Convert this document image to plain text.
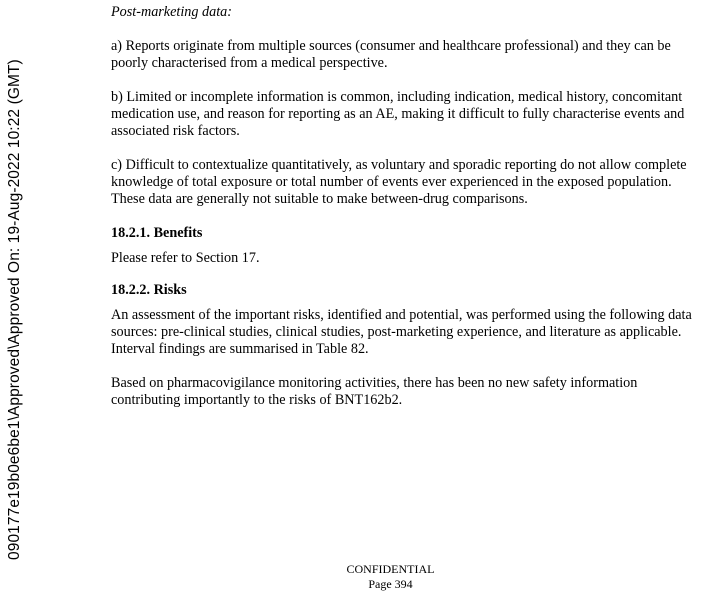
090177e19b0e6be1\Approved\Approved On: 19-Aug-2022 10:22 (GMT)

Post-marketing data:

a) Reports originate from multiple sources (consumer and healthcare professional) and they can be poorly characterised from a medical perspective.

b) Limited or incomplete information is common, including indication, medical history, concomitant medication use, and reason for reporting as an AE, making it difficult to fully characterise events and associated risk factors.

c) Difficult to contextualize quantitatively, as voluntary and sporadic reporting do not allow complete knowledge of total exposure or total number of events ever experienced in the exposed population. These data are generally not suitable to make between-drug comparisons.

18.2.1. Benefits

Please refer to Section 17.

18.2.2. Risks

An assessment of the important risks, identified and potential, was performed using the following data sources: pre-clinical studies, clinical studies, post-marketing experience, and literature as applicable. Interval findings are summarised in Table 82.

Based on pharmacovigilance monitoring activities, there has been no new safety information contributing importantly to the risks of BNT162b2.

CONFIDENTIAL
Page 394
